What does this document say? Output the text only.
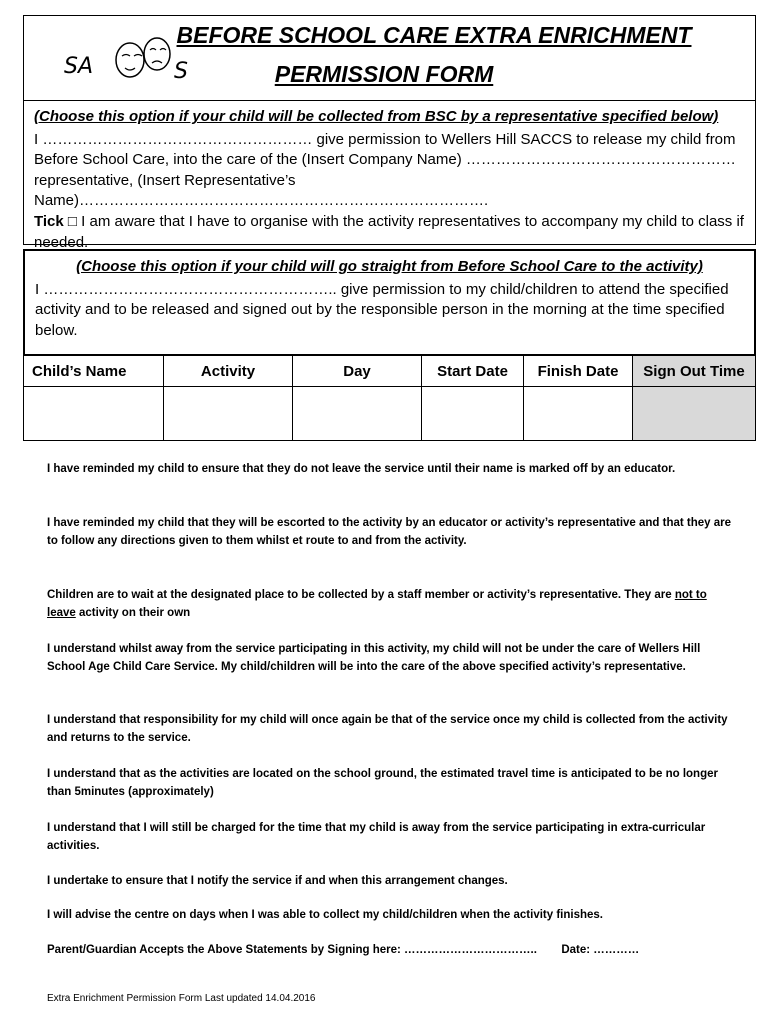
SA	S
BEFORE SCHOOL CARE EXTRA ENRICHMENT
PERMISSION FORM
(Choose this option if your child will be collected from BSC by a representative specified below)
I ……………………………………………… give permission to Wellers Hill SACCS to release my child from Before School Care, into the care of the (Insert Company Name) ……………………………………………… representative, (Insert Representative’s Name)……………………………………………………………………….
Tick □ I am aware that I have to organise with the activity representatives to accompany my child to class if needed.
(Choose this option if your child will go straight from Before School Care to the activity)
I ………………………………………………….. give permission to my child/children to attend the specified activity and to be released and signed out by the responsible person in the morning at the time specified below.
Child’s Name	Activity	Day	Start Date	Finish Date	Sign Out Time

I have reminded my child to ensure that they do not leave the service until their name is marked off by an educator.

I have reminded my child that they will be escorted to the activity by an educator or activity’s representative and that they are to follow any directions given to them whilst et route to and from the activity.

Children are to wait at the designated place to be collected by a staff member or activity’s representative. They are not to leave activity on their own

I understand whilst away from the service participating in this activity, my child will not be under the care of Wellers Hill School Age Child Care Service. My child/children will be into the care of the above specified activity’s representative.

I understand that responsibility for my child will once again be that of the service once my child is collected from the activity and returns to the service.

I understand that as the activities are located on the school ground, the estimated travel time is anticipated to be no longer than 5minutes (approximately)

I understand that I will still be charged for the time that my child is away from the service participating in extra-curricular activities.

I undertake to ensure that I notify the service if and when this arrangement changes.

I will advise the centre on days when I was able to collect my child/children when the activity finishes.

Parent/Guardian Accepts the Above Statements by Signing here: …………………………….. Date: …………

Extra Enrichment Permission Form Last updated 14.04.2016
